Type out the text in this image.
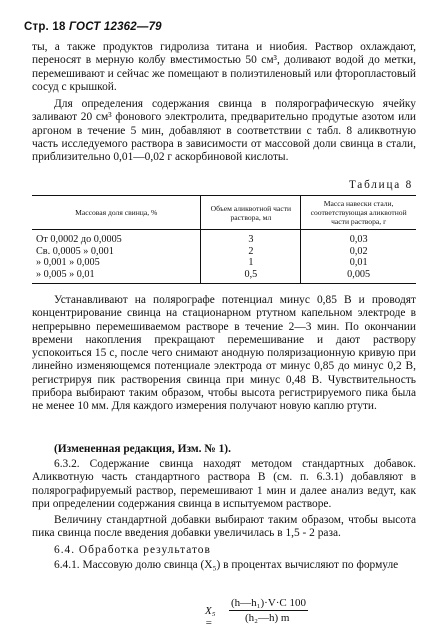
Стр. 18 ГОСТ 12362—79
ты, а также продуктов гидролиза титана и ниобия. Раствор охлаждают, переносят в мерную колбу вместимостью 50 см³, доливают водой до метки, перемешивают и сейчас же помещают в полиэтиленовый или фторопластовый сосуд с крышкой.
Для определения содержания свинца в полярографическую ячейку заливают 20 см³ фонового электролита, предварительно продутые азотом или аргоном в течение 5 мин, добавляют в соответствии с табл. 8 аликвотную часть исследуемого раствора в зависимости от массовой доли свинца в стали, приблизительно 0,01—0,02 г аскорбиновой кислоты.
Таблица 8
Массовая доля свинца, %	Объем аликвотной части раствора, мл	Масса навески стали, соответствующая аликвотной части раствора, г
От 0,0002 до 0,0005	3	0,03
Св. 0,0005 » 0,001	2	0,02
» 0,001 » 0,005	1	0,01
» 0,005 » 0,01	0,5	0,005
Устанавливают на полярографе потенциал минус 0,85 В и проводят концентрирование свинца на стационарном ртутном капельном электроде в непрерывно перемешиваемом растворе в течение 2—3 мин. По окончании времени накопления прекращают перемешивание и дают раствору успокоиться 15 с, после чего снимают анодную поляризационную кривую при линейно изменяющемся потенциале электрода от минус 0,85 до минус 0,2 В, регистрируя пик растворения свинца при минус 0,48 В. Чувствительность прибора выбирают таким образом, чтобы высота регистрируемого пика была не менее 10 мм. Для каждого измерения получают новую каплю ртути.
(Измененная редакция, Изм. № 1).
6.3.2. Содержание свинца находят методом стандартных добавок. Аликвотную часть стандартного раствора В (см. п. 6.3.1) добавляют в полярографируемый раствор, перемешивают 1 мин и далее анализ ведут, как при определении содержания свинца в испытуемом растворе.
Величину стандартной добавки выбирают таким образом, чтобы высота пика свинца после введения добавки увеличилась в 1,5 - 2 раза.
6.4. Обработка результатов
6.4.1. Массовую долю свинца (X₅) в процентах вычисляют по формуле
X₅ =
(h—h₁)·V·C 100
(h₂—h) m
